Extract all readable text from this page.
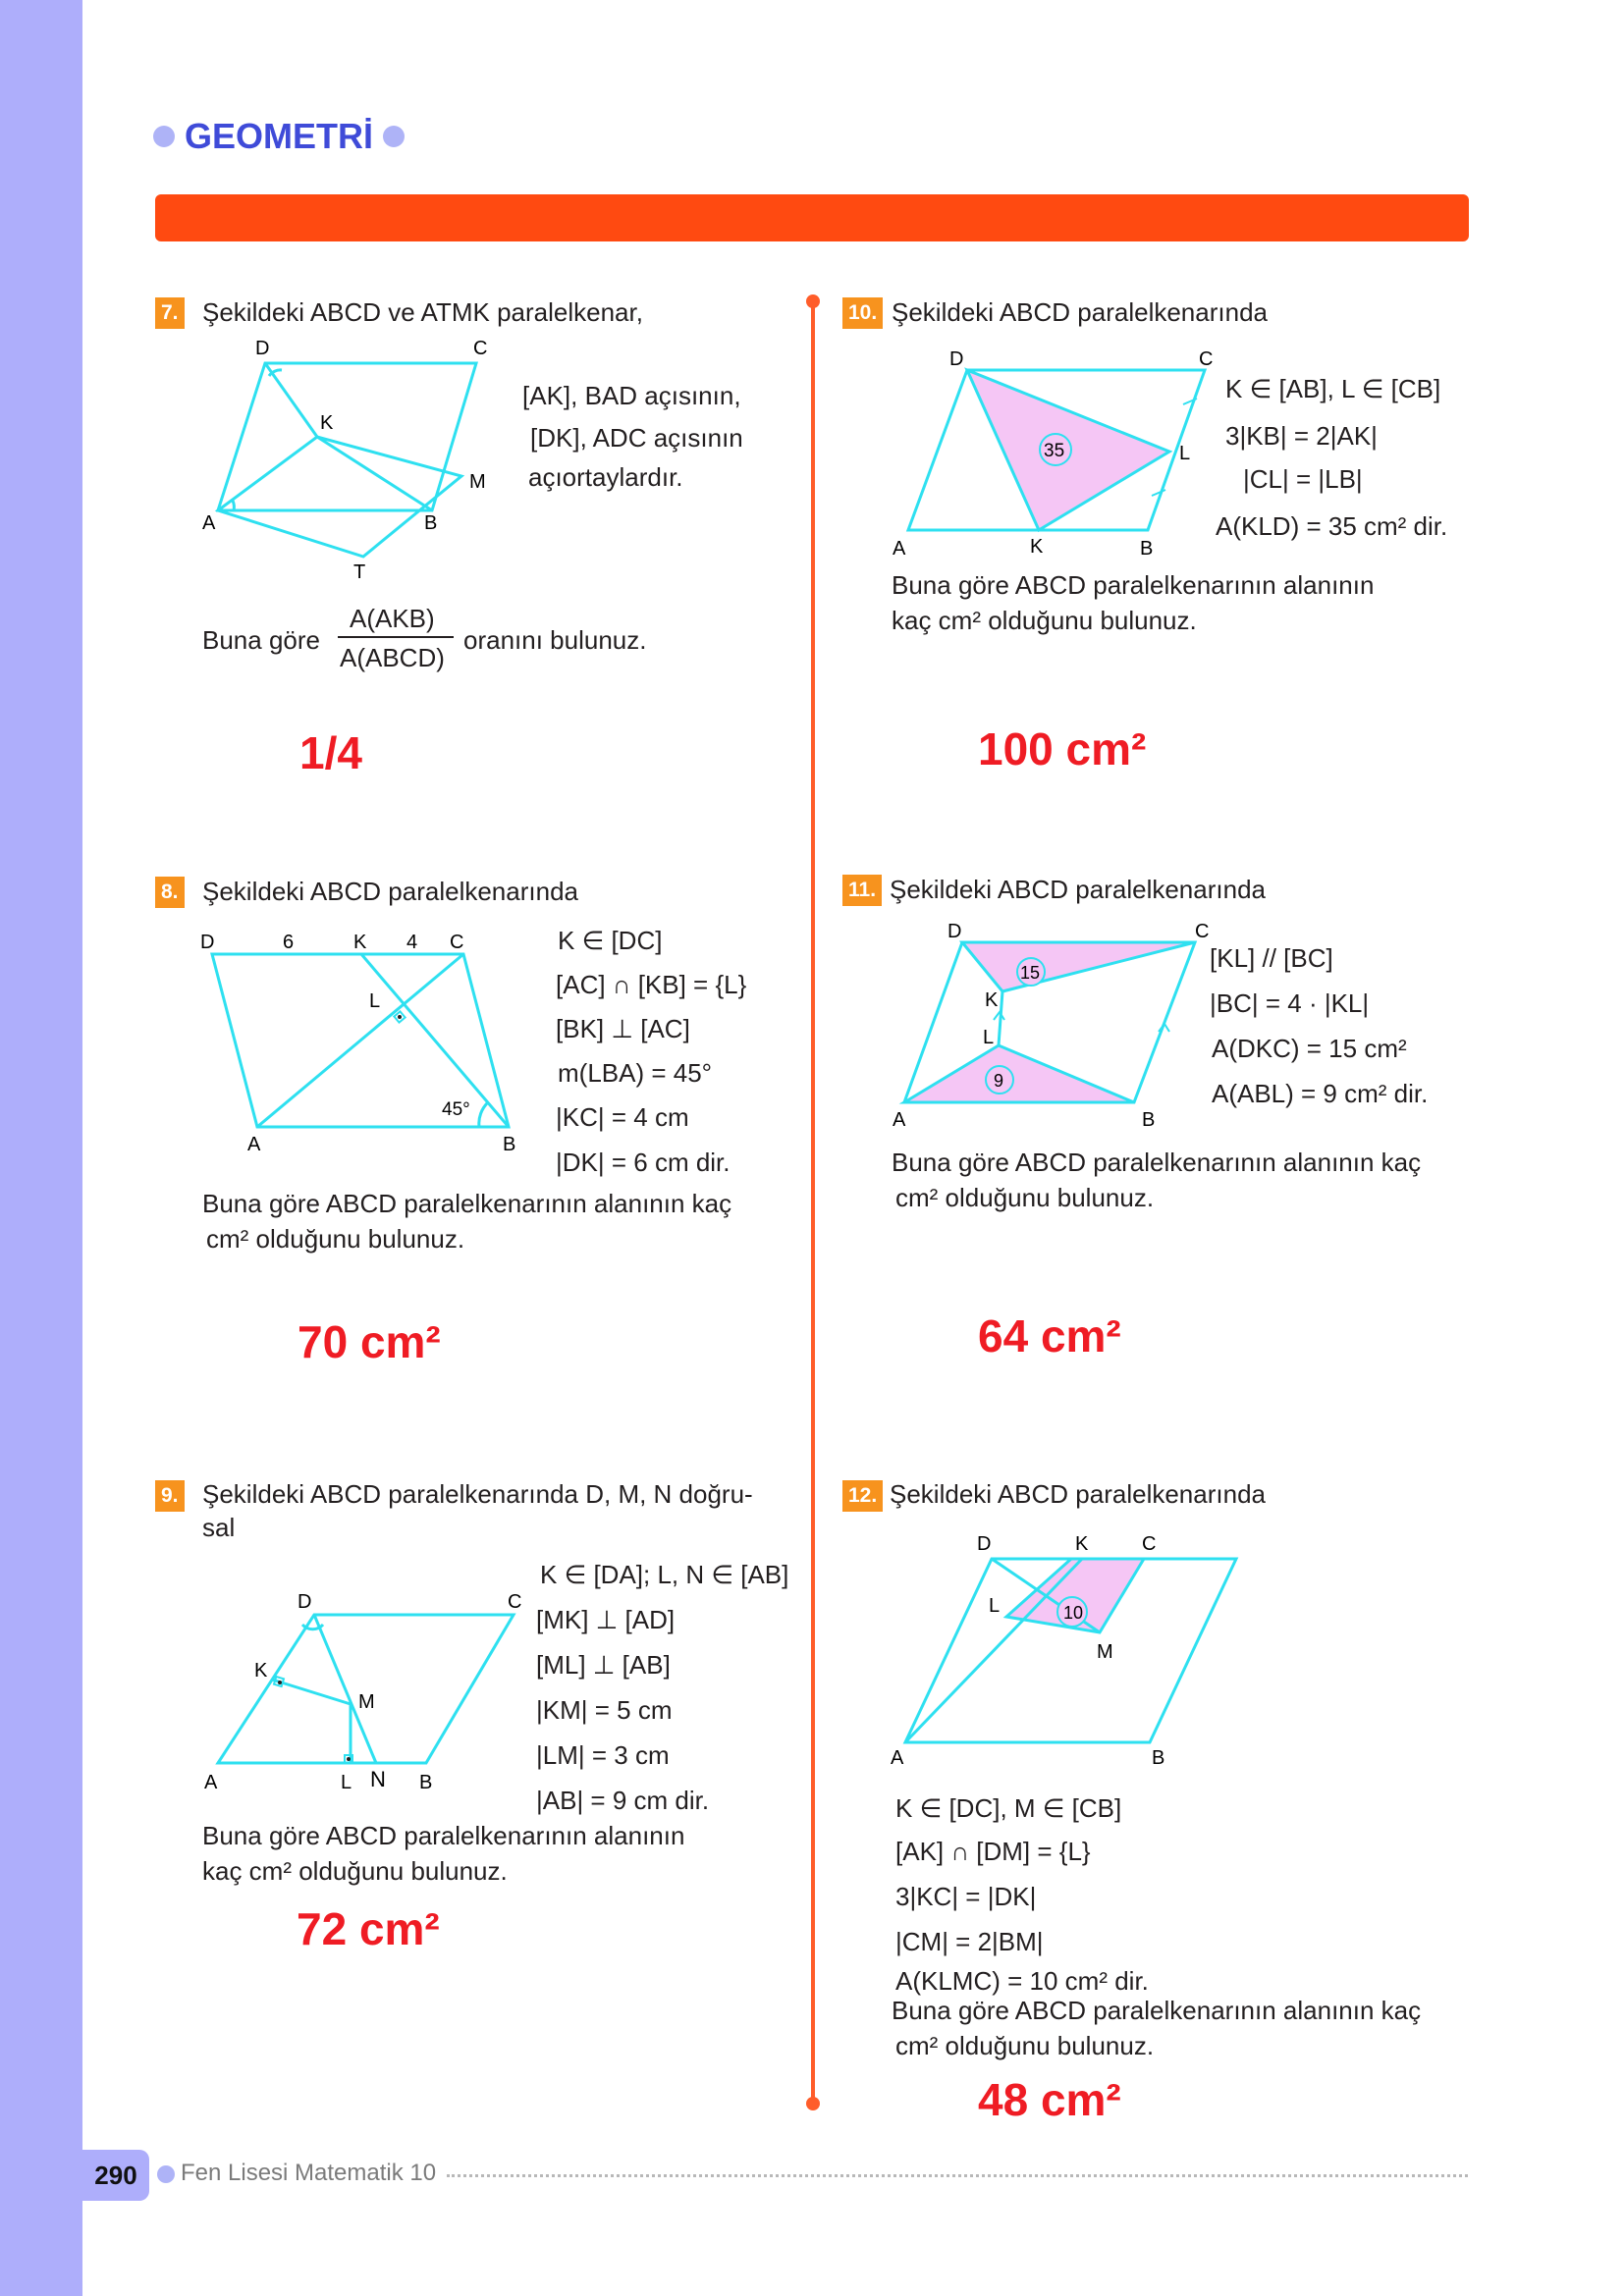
GEOMETRİ
7. Şekildeki ABCD ve ATMK paralelkenar,
D	C
K
M
A	B
T
[AK], BAD açısının,
[DK], ADC açısının
açıortaylardır.
Buna göre
A(AKB)
A(ABCD)
oranını bulunuz.
1/4
8. Şekildeki ABCD paralelkenarında
D	6	K 4 C
L
45°
A	B
K ∈ [DC]
[AC] ∩ [KB] = {L}
[BK] ⊥ [AC]
m(LBA) = 45°
|KC| = 4 cm
|DK| = 6 cm dir.
Buna göre ABCD paralelkenarının alanının kaç
cm² olduğunu bulunuz.
70 cm²
9. Şekildeki ABCD paralelkenarında D, M, N doğru-
sal
D	C
K
M
A	L N B
K ∈ [DA]; L, N ∈ [AB]
[MK] ⊥ [AD]
[ML] ⊥ [AB]
|KM| = 5 cm
|LM| = 3 cm
|AB| = 9 cm dir.
Buna göre ABCD paralelkenarının alanının
kaç cm² olduğunu bulunuz.
72 cm²
10. Şekildeki ABCD paralelkenarında
35
D	C
L
A	K	B
K ∈ [AB], L ∈ [CB]
3|KB| = 2|AK|
|CL| = |LB|
A(KLD) = 35 cm² dir.
Buna göre ABCD paralelkenarının alanının
kaç cm² olduğunu bulunuz.
100 cm²
11. Şekildeki ABCD paralelkenarında
15
9
D	C
K
L
A	B
[KL] // [BC]
|BC| = 4 · |KL|
A(DKC) = 15 cm²
A(ABL) = 9 cm² dir.
Buna göre ABCD paralelkenarının alanının kaç
cm² olduğunu bulunuz.
64 cm²
12. Şekildeki ABCD paralelkenarında
10
D	K	C
L
M
A	B
K ∈ [DC], M ∈ [CB]
[AK] ∩ [DM] = {L}
3|KC| = |DK|
|CM| = 2|BM|
A(KLMC) = 10 cm² dir.
Buna göre ABCD paralelkenarının alanının kaç
cm² olduğunu bulunuz.
48 cm²
290	Fen Lisesi Matematik 10
